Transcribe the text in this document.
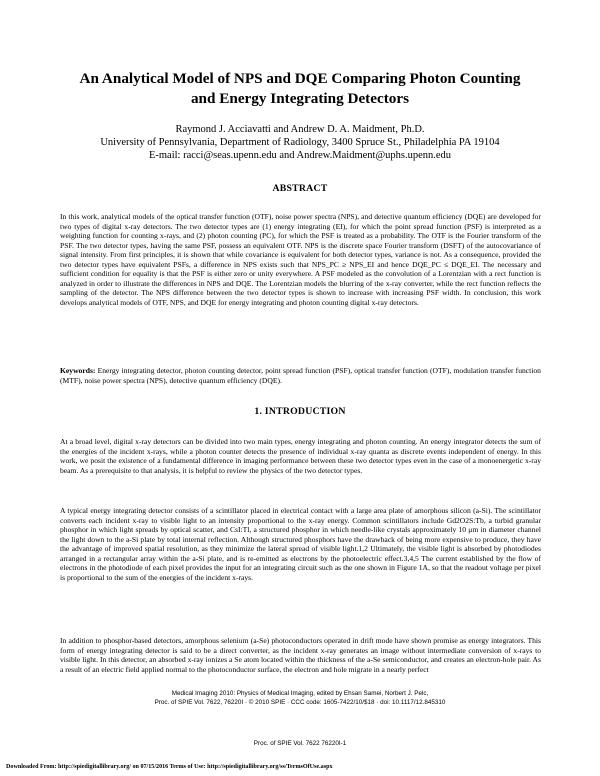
An Analytical Model of NPS and DQE Comparing Photon Counting
and Energy Integrating Detectors
Raymond J. Acciavatti and Andrew D. A. Maidment, Ph.D.
University of Pennsylvania, Department of Radiology, 3400 Spruce St., Philadelphia PA 19104
E-mail: racci@seas.upenn.edu and Andrew.Maidment@uphs.upenn.edu
ABSTRACT
In this work, analytical models of the optical transfer function (OTF), noise power spectra (NPS), and detective quantum efficiency (DQE) are developed for two types of digital x-ray detectors. The two detector types are (1) energy integrating (EI), for which the point spread function (PSF) is interpreted as a weighting function for counting x-rays, and (2) photon counting (PC), for which the PSF is treated as a probability. The OTF is the Fourier transform of the PSF. The two detector types, having the same PSF, possess an equivalent OTF. NPS is the discrete space Fourier transform (DSFT) of the autocovariance of signal intensity. From first principles, it is shown that while covariance is equivalent for both detector types, variance is not. As a consequence, provided the two detector types have equivalent PSFs, a difference in NPS exists such that NPS_PC ≥ NPS_EI and hence DQE_PC ≤ DQE_EI. The necessary and sufficient condition for equality is that the PSF is either zero or unity everywhere. A PSF modeled as the convolution of a Lorentzian with a rect function is analyzed in order to illustrate the differences in NPS and DQE. The Lorentzian models the blurring of the x-ray converter, while the rect function reflects the sampling of the detector. The NPS difference between the two detector types is shown to increase with increasing PSF width. In conclusion, this work develops analytical models of OTF, NPS, and DQE for energy integrating and photon counting digital x-ray detectors.
Keywords: Energy integrating detector, photon counting detector, point spread function (PSF), optical transfer function (OTF), modulation transfer function (MTF), noise power spectra (NPS), detective quantum efficiency (DQE).
1. INTRODUCTION
At a broad level, digital x-ray detectors can be divided into two main types, energy integrating and photon counting. An energy integrator detects the sum of the energies of the incident x-rays, while a photon counter detects the presence of individual x-ray quanta as discrete events independent of energy. In this work, we posit the existence of a fundamental difference in imaging performance between these two detector types even in the case of a monoenergetic x-ray beam. As a prerequisite to that analysis, it is helpful to review the physics of the two detector types.
A typical energy integrating detector consists of a scintillator placed in electrical contact with a large area plate of amorphous silicon (a-Si). The scintillator converts each incident x-ray to visible light to an intensity proportional to the x-ray energy. Common scintillators include Gd2O2S:Tb, a turbid granular phosphor in which light spreads by optical scatter, and CsI:Tl, a structured phosphor in which needle-like crystals approximately 10 μm in diameter channel the light down to the a-Si plate by total internal reflection. Although structured phosphors have the drawback of being more expensive to produce, they have the advantage of improved spatial resolution, as they minimize the lateral spread of visible light.1,2 Ultimately, the visible light is absorbed by photodiodes arranged in a rectangular array within the a-Si plate, and is re-emitted as electrons by the photoelectric effect.3,4,5 The current established by the flow of electrons in the photodiode of each pixel provides the input for an integrating circuit such as the one shown in Figure 1A, so that the readout voltage per pixel is proportional to the sum of the energies of the incident x-rays.
In addition to phosphor-based detectors, amorphous selenium (a-Se) photoconductors operated in drift mode have shown promise as energy integrators. This form of energy integrating detector is said to be a direct converter, as the incident x-ray generates an image without intermediate conversion of x-rays to visible light. In this detector, an absorbed x-ray ionizes a Se atom located within the thickness of the a-Se semiconductor, and creates an electron-hole pair. As a result of an electric field applied normal to the photoconductor surface, the electron and hole migrate in a nearly perfect
Medical Imaging 2010: Physics of Medical Imaging, edited by Ehsan Samei, Norbert J. Pelc,
Proc. of SPIE Vol. 7622, 76220I · © 2010 SPIE · CCC code: 1605-7422/10/$18 · doi: 10.1117/12.845310
Proc. of SPIE Vol. 7622 76220I-1
Downloaded From: http://spiedigitallibrary.org/ on 07/15/2016 Terms of Use: http://spiedigitallibrary.org/ss/TermsOfUse.aspx
